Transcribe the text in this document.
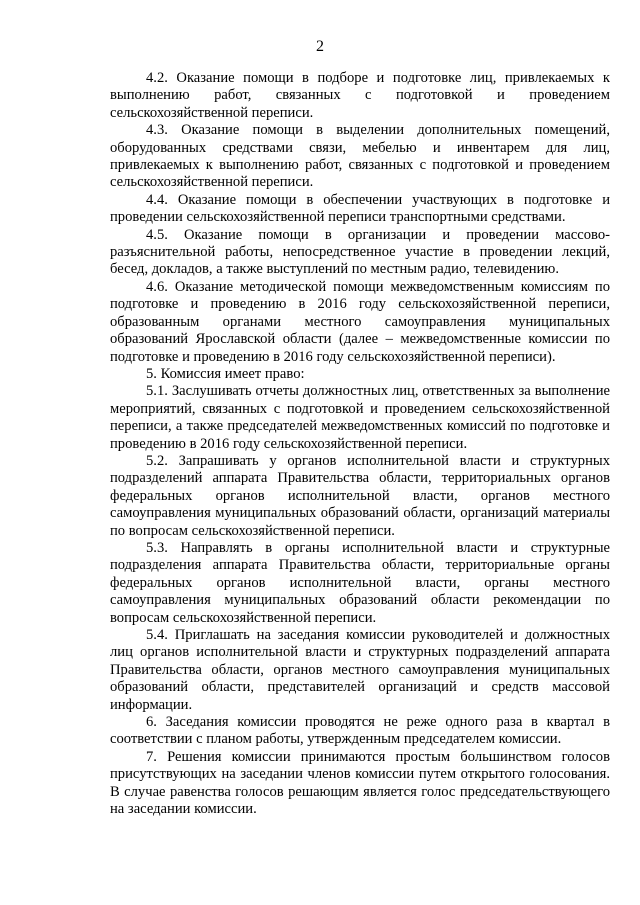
2

4.2. Оказание помощи в подборе и подготовке лиц, привлекаемых к выполнению работ, связанных с подготовкой и проведением сельскохозяйственной переписи.

4.3. Оказание помощи в выделении дополнительных помещений, оборудованных средствами связи, мебелью и инвентарем для лиц, привлекаемых к выполнению работ, связанных с подготовкой и проведением сельскохозяйственной переписи.

4.4. Оказание помощи в обеспечении участвующих в подготовке и проведении сельскохозяйственной переписи транспортными средствами.

4.5. Оказание помощи в организации и проведении массово-разъяснительной работы, непосредственное участие в проведении лекций, бесед, докладов, а также выступлений по местным радио, телевидению.

4.6. Оказание методической помощи межведомственным комиссиям по подготовке и проведению в 2016 году сельскохозяйственной переписи, образованным органами местного самоуправления муниципальных образований Ярославской области (далее – межведомственные комиссии по подготовке и проведению в 2016 году сельскохозяйственной переписи).

5. Комиссия имеет право:

5.1. Заслушивать отчеты должностных лиц, ответственных за выполнение мероприятий, связанных с подготовкой и проведением сельскохозяйственной переписи, а также председателей межведомственных комиссий по подготовке и проведению в 2016 году сельскохозяйственной переписи.

5.2. Запрашивать у органов исполнительной власти и структурных подразделений аппарата Правительства области, территориальных органов федеральных органов исполнительной власти, органов местного самоуправления муниципальных образований области, организаций материалы по вопросам сельскохозяйственной переписи.

5.3. Направлять в органы исполнительной власти и структурные подразделения аппарата Правительства области, территориальные органы федеральных органов исполнительной власти, органы местного самоуправления муниципальных образований области рекомендации по вопросам сельскохозяйственной переписи.

5.4. Приглашать на заседания комиссии руководителей и должностных лиц органов исполнительной власти и структурных подразделений аппарата Правительства области, органов местного самоуправления муниципальных образований области, представителей организаций и средств массовой информации.

6. Заседания комиссии проводятся не реже одного раза в квартал в соответствии с планом работы, утвержденным председателем комиссии.

7. Решения комиссии принимаются простым большинством голосов присутствующих на заседании членов комиссии путем открытого голосования. В случае равенства голосов решающим является голос председательствующего на заседании комиссии.
